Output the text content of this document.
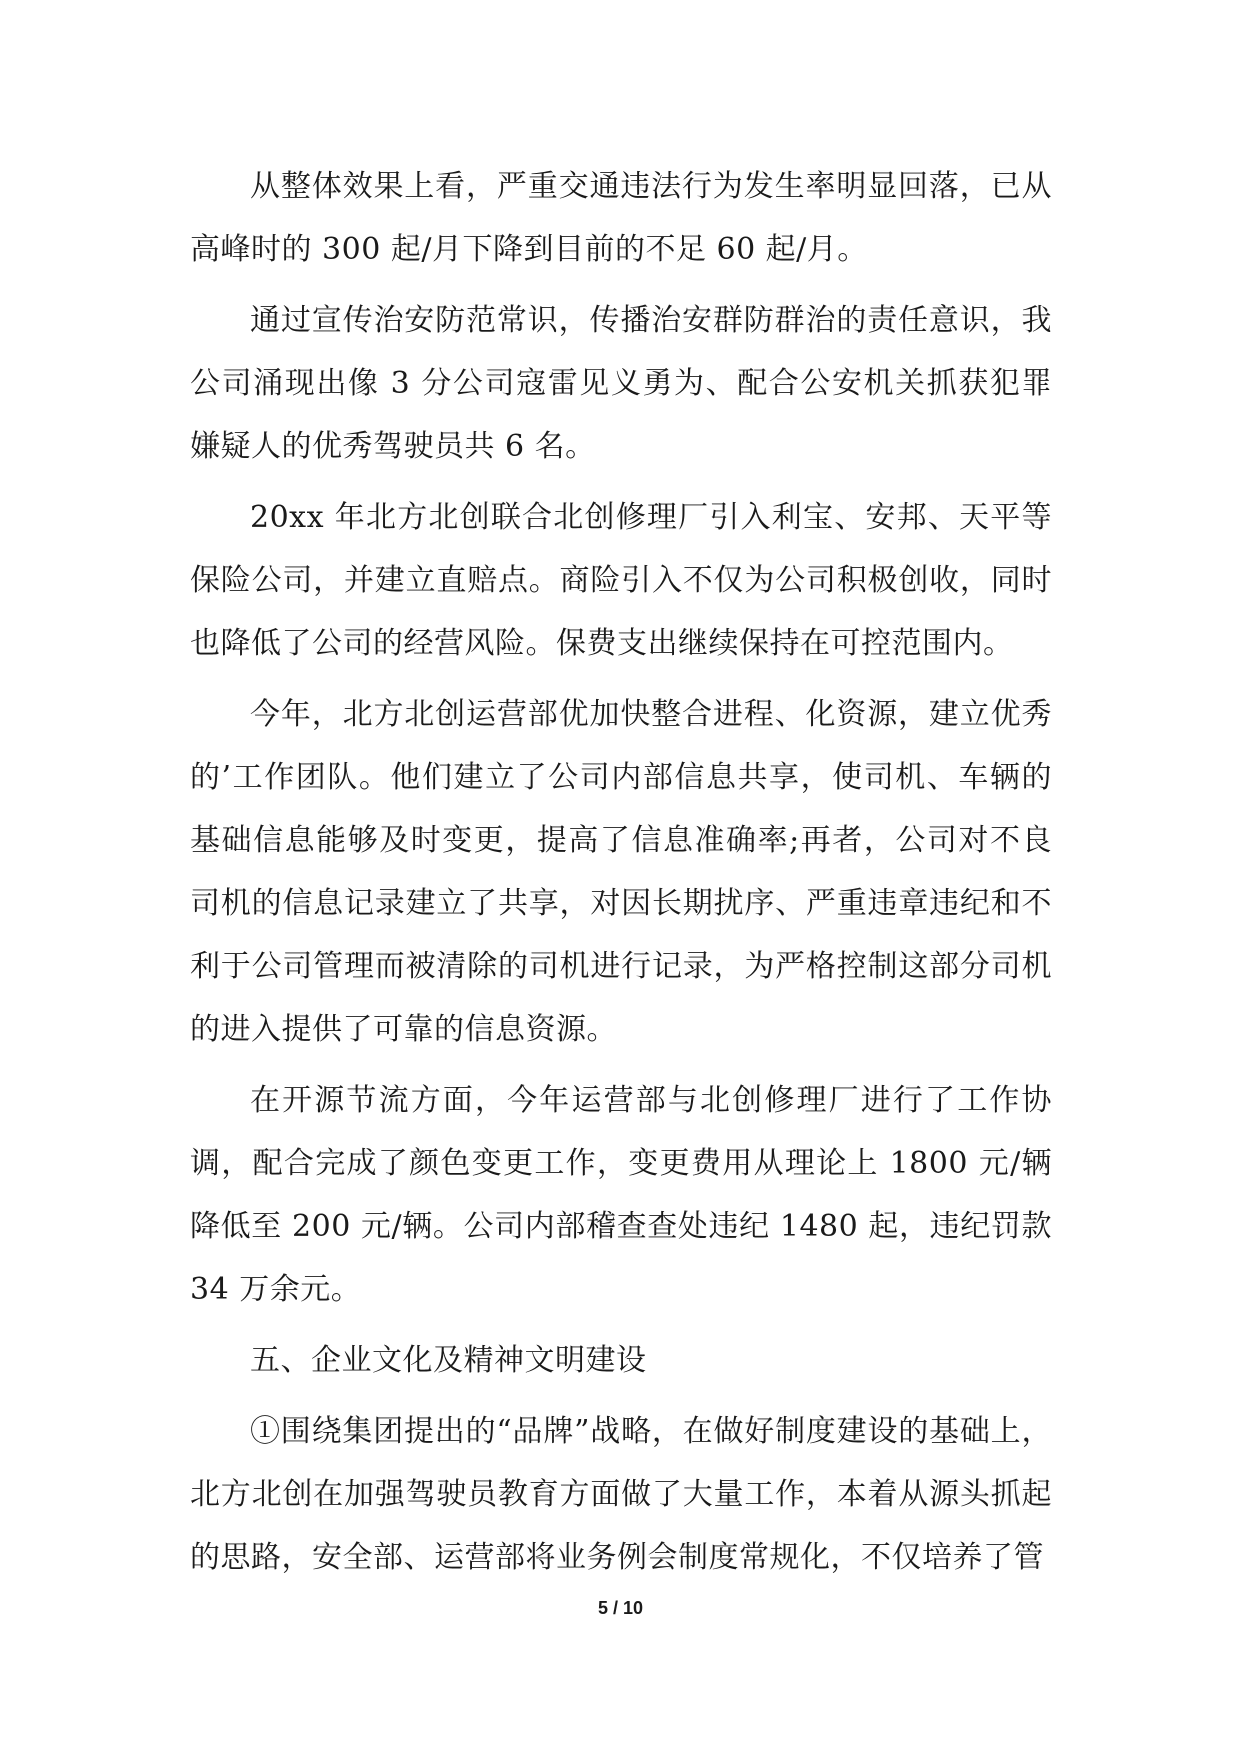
从整体效果上看，严重交通违法行为发生率明显回落，已从高峰时的 300 起/月下降到目前的不足 60 起/月。

通过宣传治安防范常识，传播治安群防群治的责任意识，我公司涌现出像 3 分公司寇雷见义勇为、配合公安机关抓获犯罪嫌疑人的优秀驾驶员共 6 名。

20xx 年北方北创联合北创修理厂引入利宝、安邦、天平等保险公司，并建立直赔点。商险引入不仅为公司积极创收，同时也降低了公司的经营风险。保费支出继续保持在可控范围内。

今年，北方北创运营部优加快整合进程、化资源，建立优秀的’工作团队。他们建立了公司内部信息共享，使司机、车辆的基础信息能够及时变更，提高了信息准确率;再者，公司对不良司机的信息记录建立了共享，对因长期扰序、严重违章违纪和不利于公司管理而被清除的司机进行记录，为严格控制这部分司机的进入提供了可靠的信息资源。

在开源节流方面，今年运营部与北创修理厂进行了工作协调，配合完成了颜色变更工作，变更费用从理论上 1800 元/辆降低至 200 元/辆。公司内部稽查查处违纪 1480 起，违纪罚款 34 万余元。

五、企业文化及精神文明建设

①围绕集团提出的“品牌”战略，在做好制度建设的基础上，北方北创在加强驾驶员教育方面做了大量工作，本着从源头抓起的思路，安全部、运营部将业务例会制度常规化，不仅培养了管

5 / 10
